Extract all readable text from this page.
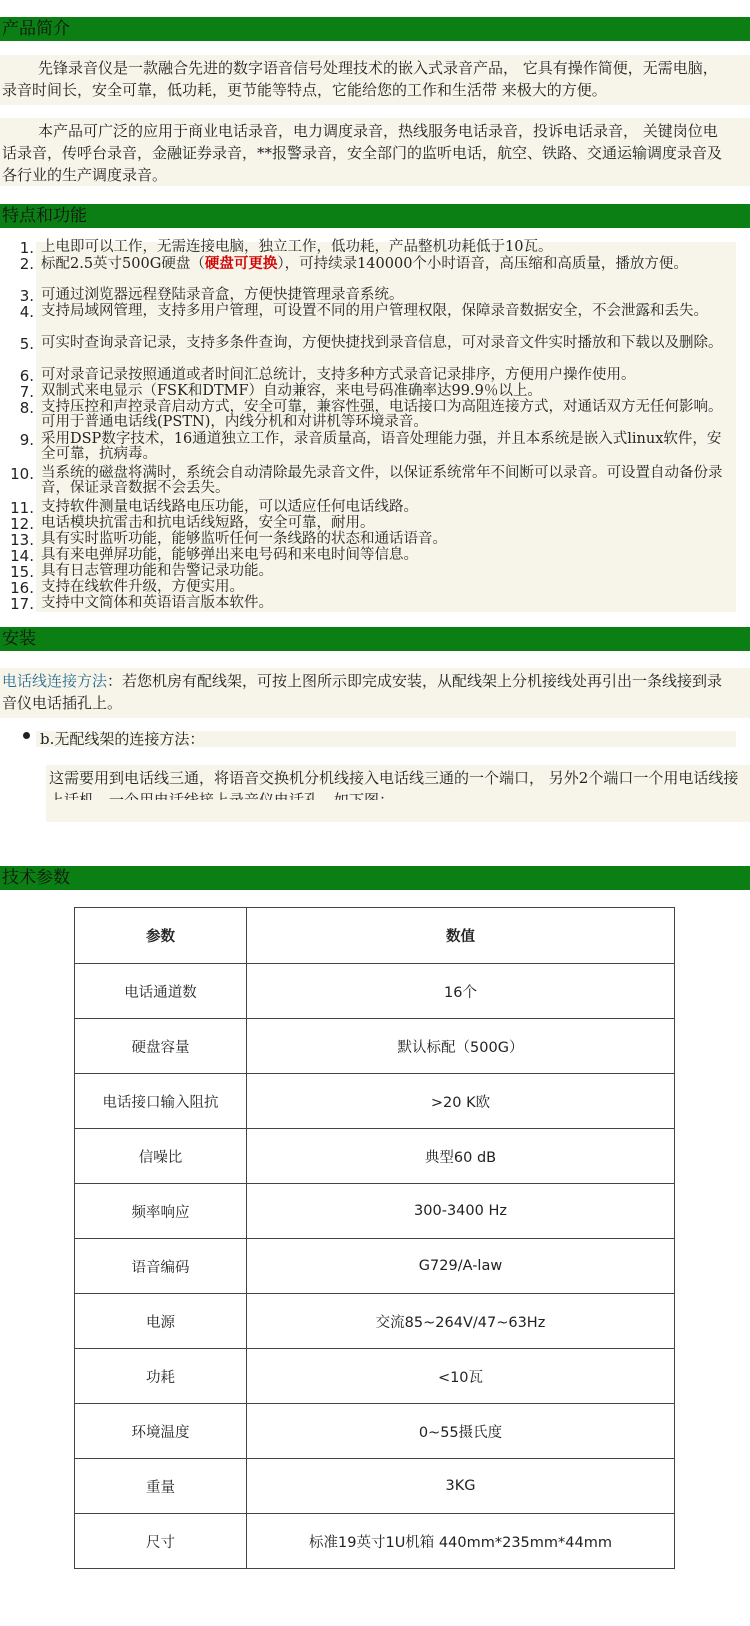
产品简介

先锋录音仪是一款融合先进的数字语音信号处理技术的嵌入式录音产品， 它具有操作简便，无需电脑，录音时间长，安全可靠，低功耗，更节能等特点，它能给您的工作和生活带 来极大的方便。

本产品可广泛的应用于商业电话录音，电力调度录音，热线服务电话录音，投诉电话录音， 关键岗位电话录音，传呼台录音，金融证券录音，**报警录音，安全部门的监听电话，航空、铁路、交通运输调度录音及各行业的生产调度录音。

特点和功能
1. 上电即可以工作，无需连接电脑，独立工作，低功耗，产品整机功耗低于10瓦。
2. 标配2.5英寸500G硬盘（硬盘可更换），可持续录140000个小时语音，高压缩和高质量，播放方便。
3. 可通过浏览器远程登陆录音盒，方便快捷管理录音系统。
4. 支持局域网管理，支持多用户管理，可设置不同的用户管理权限，保障录音数据安全，不会泄露和丢失。
5. 可实时查询录音记录，支持多条件查询，方便快捷找到录音信息，可对录音文件实时播放和下载以及删除。
6. 可对录音记录按照通道或者时间汇总统计，支持多种方式录音记录排序，方便用户操作使用。
7. 双制式来电显示（FSK和DTMF）自动兼容，来电号码准确率达99.9％以上。
8. 支持压控和声控录音启动方式，安全可靠，兼容性强，电话接口为高阻连接方式，对通话双方无任何影响。可用于普通电话线(PSTN)，内线分机和对讲机等环境录音。
9. 采用DSP数字技术，16通道独立工作，录音质量高，语音处理能力强，并且本系统是嵌入式linux软件，安全可靠，抗病毒。
10. 当系统的磁盘将满时，系统会自动清除最先录音文件，以保证系统常年不间断可以录音。可设置自动备份录音，保证录音数据不会丢失。
11. 支持软件测量电话线路电压功能，可以适应任何电话线路。
12. 电话模块抗雷击和抗电话线短路，安全可靠，耐用。
13. 具有实时监听功能，能够监听任何一条线路的状态和通话语音。
14. 具有来电弹屏功能，能够弹出来电号码和来电时间等信息。
15. 具有日志管理功能和告警记录功能。
16. 支持在线软件升级，方便实用。
17. 支持中文简体和英语语言版本软件。
安装

电话线连接方法：若您机房有配线架，可按上图所示即完成安装，从配线架上分机接线处再引出一条线接到录音仪电话插孔上。

b.无配线架的连接方法：

这需要用到电话线三通，将语音交换机分机线接入电话线三通的一个端口， 另外2个端口一个用电话线接

技术参数
参数	数值
电话通道数	16个
硬盘容量	默认标配（500G）
电话接口输入阻抗	>20 K欧
信噪比	典型60 dB
频率响应	300-3400 Hz
语音编码	G729/A-law
电源	交流85~264V/47~63Hz
功耗	<10瓦
环境温度	0~55摄氏度
重量	3KG
尺寸	标准19英寸1U机箱 440mm*235mm*44mm
